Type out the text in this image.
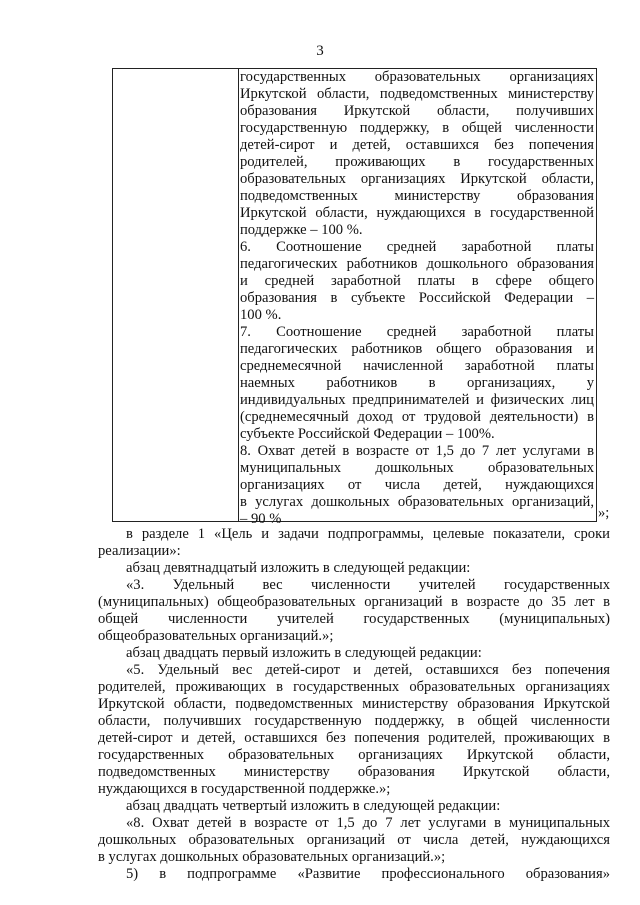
3

государственных образовательных организациях

Иркутской области, подведомственных министерству

образования Иркутской области, получивших

государственную поддержку, в общей численности

детей-сирот и детей, оставшихся без попечения

родителей, проживающих в государственных

образовательных организациях Иркутской области,

подведомственных министерству образования

Иркутской области, нуждающихся в государственной

поддержке – 100 %.

6. Соотношение средней заработной платы

педагогических работников дошкольного образования

и средней заработной платы в сфере общего

образования в субъекте Российской Федерации –

100 %.

7. Соотношение средней заработной платы

педагогических работников общего образования и

среднемесячной начисленной заработной платы

наемных работников в организациях, у

индивидуальных предпринимателей и физических лиц

(среднемесячный доход от трудовой деятельности) в

субъекте Российской Федерации – 100%.

8. Охват детей в возрасте от 1,5 до 7 лет услугами в

муниципальных дошкольных образовательных

организациях от числа детей, нуждающихся

в услугах дошкольных образовательных организаций,

– 90 %	»;

в разделе 1 «Цель и задачи подпрограммы, целевые показатели, сроки

реализации»:

абзац девятнадцатый изложить в следующей редакции:

«3. Удельный вес численности учителей государственных

(муниципальных) общеобразовательных организаций в возрасте до 35 лет в

общей численности учителей государственных (муниципальных)

общеобразовательных организаций.»;

абзац двадцать первый изложить в следующей редакции:

«5. Удельный вес детей-сирот и детей, оставшихся без попечения

родителей, проживающих в государственных образовательных организациях

Иркутской области, подведомственных министерству образования Иркутской

области, получивших государственную поддержку, в общей численности

детей-сирот и детей, оставшихся без попечения родителей, проживающих в

государственных образовательных организациях Иркутской области,

подведомственных министерству образования Иркутской области,

нуждающихся в государственной поддержке.»;

абзац двадцать четвертый изложить в следующей редакции:

«8. Охват детей в возрасте от 1,5 до 7 лет услугами в муниципальных

дошкольных образовательных организаций от числа детей, нуждающихся

в услугах дошкольных образовательных организаций.»;

5) в подпрограмме «Развитие профессионального образования»
